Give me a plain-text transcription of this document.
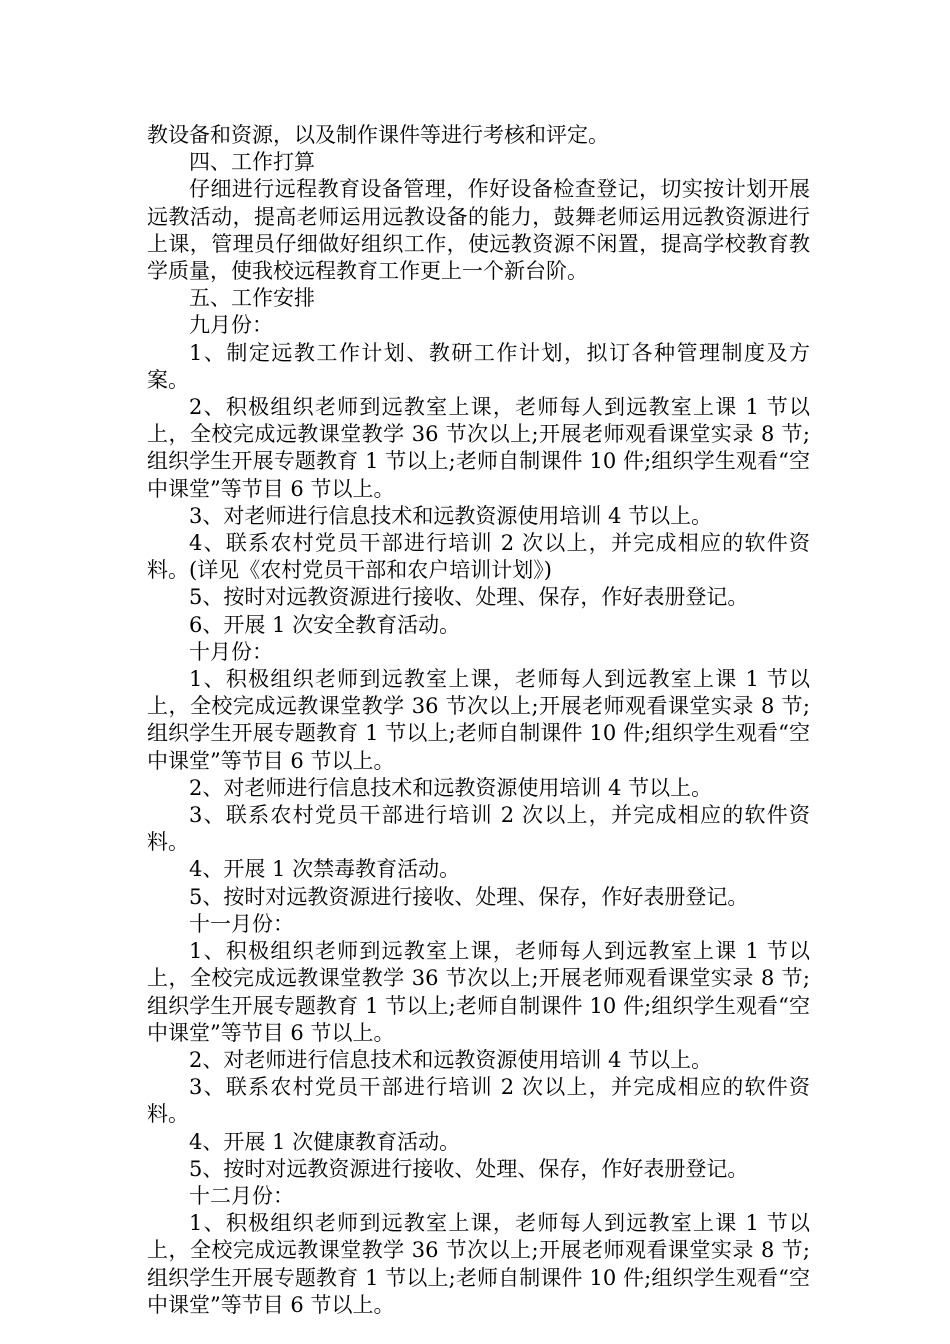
教设备和资源，以及制作课件等进行考核和评定。

四、工作打算

仔细进行远程教育设备管理，作好设备检查登记，切实按计划开展远教活动，提高老师运用远教设备的能力，鼓舞老师运用远教资源进行上课，管理员仔细做好组织工作，使远教资源不闲置，提高学校教育教学质量，使我校远程教育工作更上一个新台阶。

五、工作安排

九月份：

1、制定远教工作计划、教研工作计划，拟订各种管理制度及方案。

2、积极组织老师到远教室上课，老师每人到远教室上课 1 节以上，全校完成远教课堂教学 36 节次以上;开展老师观看课堂实录 8 节;组织学生开展专题教育 1 节以上;老师自制课件 10 件;组织学生观看“空中课堂”等节目 6 节以上。

3、对老师进行信息技术和远教资源使用培训 4 节以上。

4、联系农村党员干部进行培训 2 次以上，并完成相应的软件资料。(详见《农村党员干部和农户培训计划》)

5、按时对远教资源进行接收、处理、保存，作好表册登记。

6、开展 1 次安全教育活动。

十月份：

1、积极组织老师到远教室上课，老师每人到远教室上课 1 节以上，全校完成远教课堂教学 36 节次以上;开展老师观看课堂实录 8 节;组织学生开展专题教育 1 节以上;老师自制课件 10 件;组织学生观看“空中课堂”等节目 6 节以上。

2、对老师进行信息技术和远教资源使用培训 4 节以上。

3、联系农村党员干部进行培训 2 次以上，并完成相应的软件资料。

4、开展 1 次禁毒教育活动。

5、按时对远教资源进行接收、处理、保存，作好表册登记。

十一月份：

1、积极组织老师到远教室上课，老师每人到远教室上课 1 节以上，全校完成远教课堂教学 36 节次以上;开展老师观看课堂实录 8 节;组织学生开展专题教育 1 节以上;老师自制课件 10 件;组织学生观看“空中课堂”等节目 6 节以上。

2、对老师进行信息技术和远教资源使用培训 4 节以上。

3、联系农村党员干部进行培训 2 次以上，并完成相应的软件资料。

4、开展 1 次健康教育活动。

5、按时对远教资源进行接收、处理、保存，作好表册登记。

十二月份：

1、积极组织老师到远教室上课，老师每人到远教室上课 1 节以上，全校完成远教课堂教学 36 节次以上;开展老师观看课堂实录 8 节;组织学生开展专题教育 1 节以上;老师自制课件 10 件;组织学生观看“空中课堂”等节目 6 节以上。
